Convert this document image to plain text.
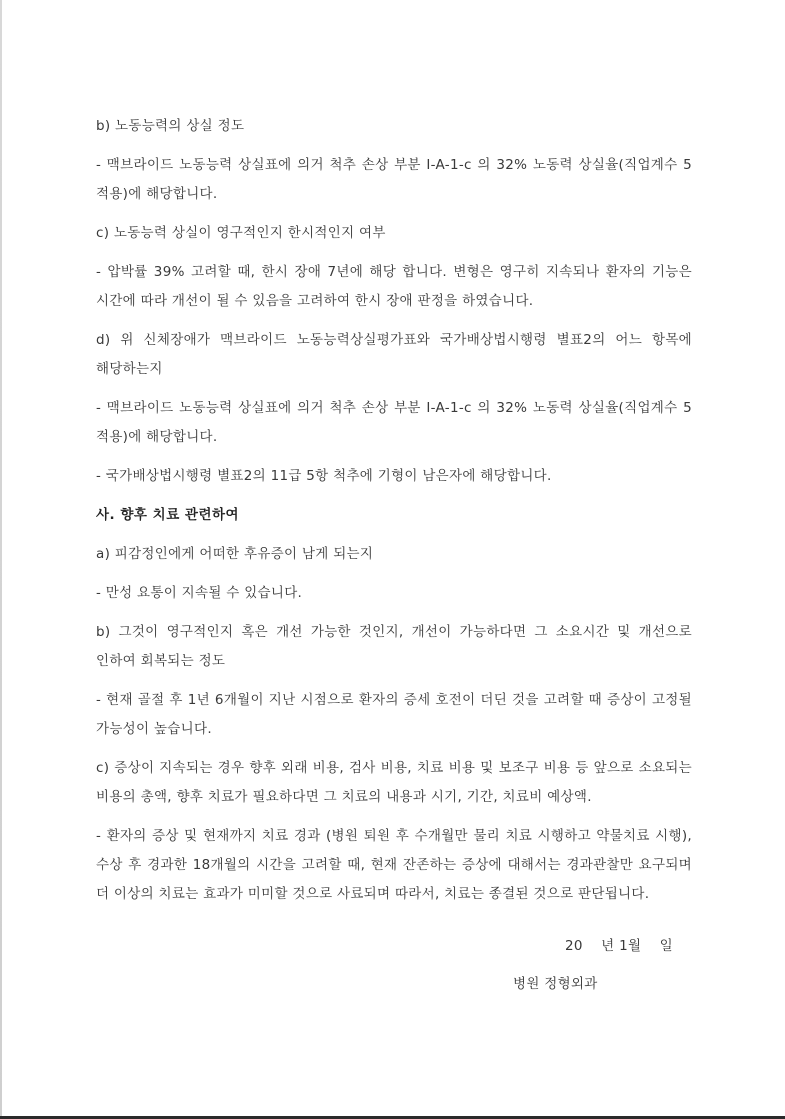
b) 노동능력의 상실 정도

- 맥브라이드 노동능력 상실표에 의거 척추 손상 부분 I-A-1-c 의 32% 노동력 상실율(직업계수 5 적용)에 해당합니다.

c) 노동능력 상실이 영구적인지 한시적인지 여부

- 압박률 39% 고려할 때, 한시 장애 7년에 해당 합니다. 변형은 영구히 지속되나 환자의 기능은 시간에 따라 개선이 될 수 있음을 고려하여 한시 장애 판정을 하였습니다.

d) 위 신체장애가 맥브라이드 노동능력상실평가표와 국가배상법시행령 별표2의 어느 항목에 해당하는지

- 맥브라이드 노동능력 상실표에 의거 척추 손상 부분 I-A-1-c 의 32% 노동력 상실율(직업계수 5 적용)에 해당합니다.

- 국가배상법시행령 별표2의 11급 5항 척추에 기형이 남은자에 해당합니다.

사. 향후 치료 관련하여

a) 피감정인에게 어떠한 후유증이 남게 되는지

- 만성 요통이 지속될 수 있습니다.

b) 그것이 영구적인지 혹은 개선 가능한 것인지, 개선이 가능하다면 그 소요시간 및 개선으로 인하여 회복되는 정도

- 현재 골절 후 1년 6개월이 지난 시점으로 환자의 증세 호전이 더딘 것을 고려할 때 증상이 고정될 가능성이 높습니다.

c) 증상이 지속되는 경우 향후 외래 비용, 검사 비용, 치료 비용 및 보조구 비용 등 앞으로 소요되는 비용의 총액, 향후 치료가 필요하다면 그 치료의 내용과 시기, 기간, 치료비 예상액.

- 환자의 증상 및 현재까지 치료 경과 (병원 퇴원 후 수개월만 물리 치료 시행하고 약물치료 시행), 수상 후 경과한 18개월의 시간을 고려할 때, 현재 잔존하는 증상에 대해서는 경과관찰만 요구되며 더 이상의 치료는 효과가 미미할 것으로 사료되며 따라서, 치료는 종결된 것으로 판단됩니다.

20    년 1월    일
병원 정형외과
